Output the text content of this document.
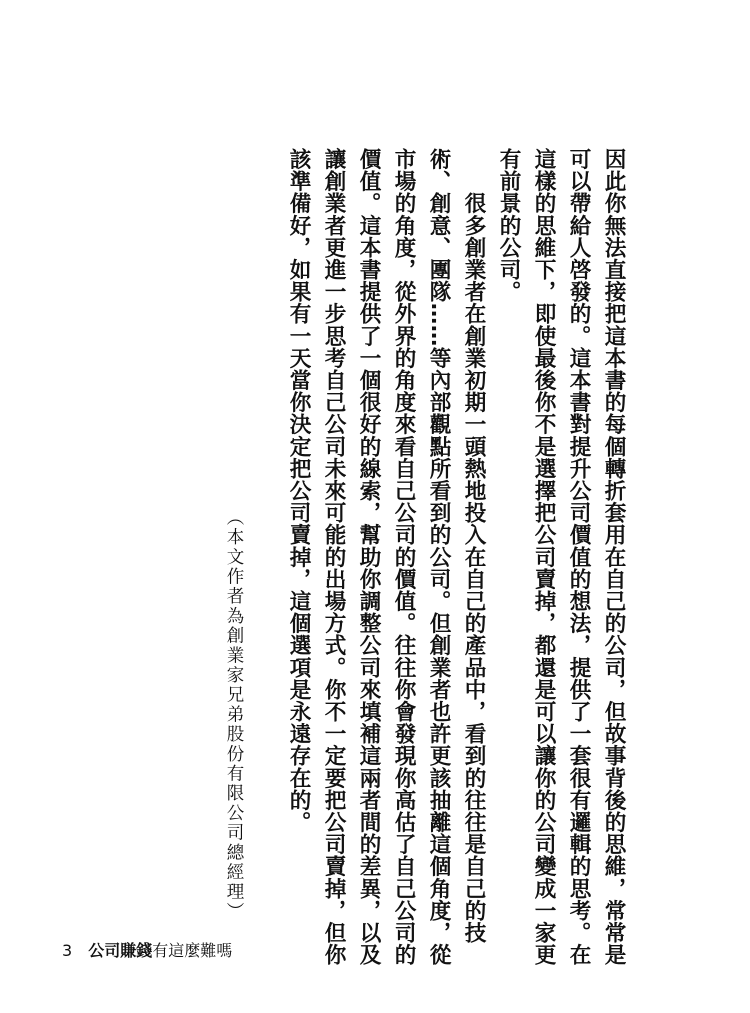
因此你無法直接把這本書的每個轉折套用在自己的公司，但故事背後的思維，常常是
可以帶給人啓發的。這本書對提升公司價值的想法，提供了一套很有邏輯的思考。在
這樣的思維下，即使最後你不是選擇把公司賣掉，都還是可以讓你的公司變成一家更
有前景的公司。
　　很多創業者在創業初期一頭熱地投入在自己的產品中，看到的往往是自己的技
術、創意、團隊……等內部觀點所看到的公司。但創業者也許更該抽離這個角度，從
市場的角度，從外界的角度來看自己公司的價值。往往你會發現你高估了自己公司的
價值。這本書提供了一個很好的線索，幫助你調整公司來填補這兩者間的差異，以及
讓創業者更進一步思考自己公司未來可能的出場方式。你不一定要把公司賣掉，但你
該準備好，如果有一天當你決定把公司賣掉，這個選項是永遠存在的。
（本文作者為創業家兄弟股份有限公司總經理）
3 公司賺錢有這麼難嗎
